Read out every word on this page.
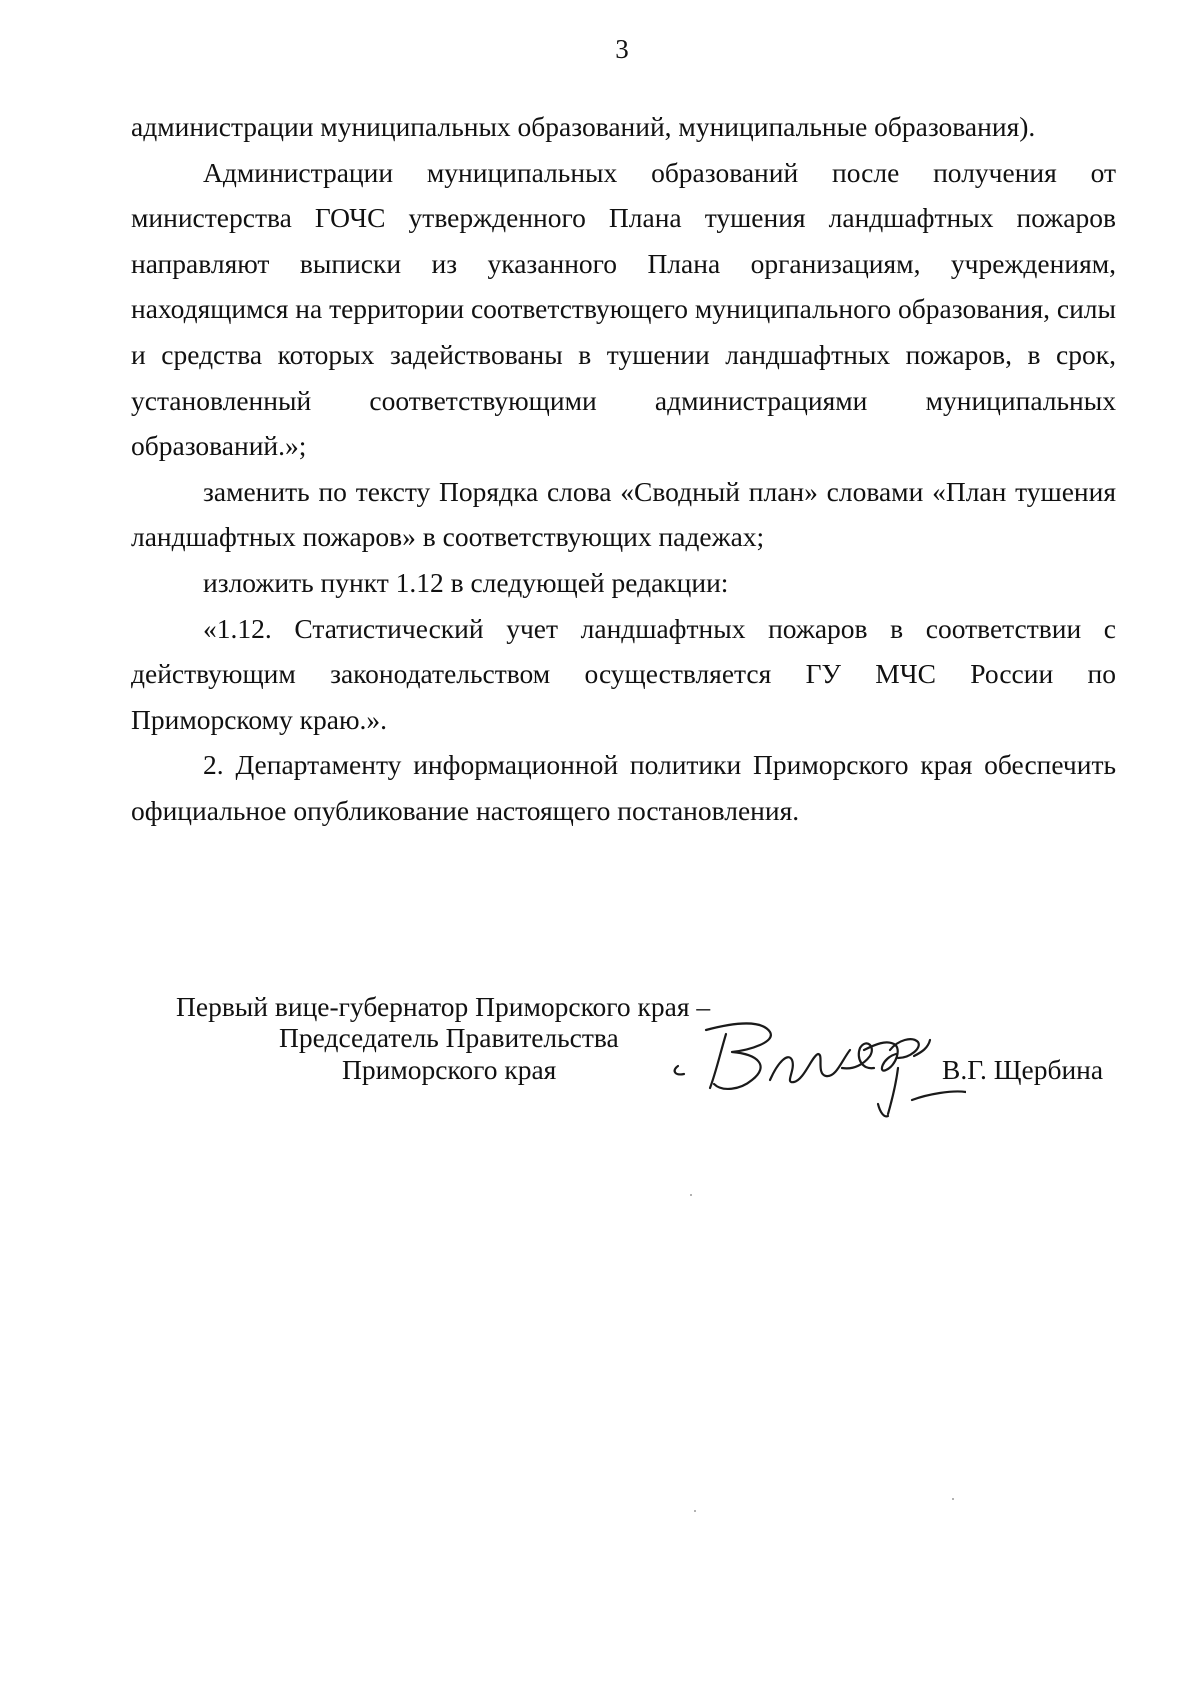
3

администрации муниципальных образований, муниципальные образования).

Администрации муниципальных образований после получения от министерства ГОЧС утвержденного Плана тушения ландшафтных пожаров направляют выписки из указанного Плана организациям, учреждениям, находящимся на территории соответствующего муниципального образования, силы и средства которых задействованы в тушении ландшафтных пожаров, в срок, установленный соответствующими администрациями муниципальных образований.»;

заменить по тексту Порядка слова «Сводный план» словами «План тушения ландшафтных пожаров» в соответствующих падежах;

изложить пункт 1.12 в следующей редакции:

«1.12. Статистический учет ландшафтных пожаров в соответствии с действующим законодательством осуществляется ГУ МЧС России по Приморскому краю.».

2. Департаменту информационной политики Приморского края обеспечить официальное опубликование настоящего постановления.

Первый вице-губернатор Приморского края –
Председатель Правительства
Приморского края	В.Г. Щербина
